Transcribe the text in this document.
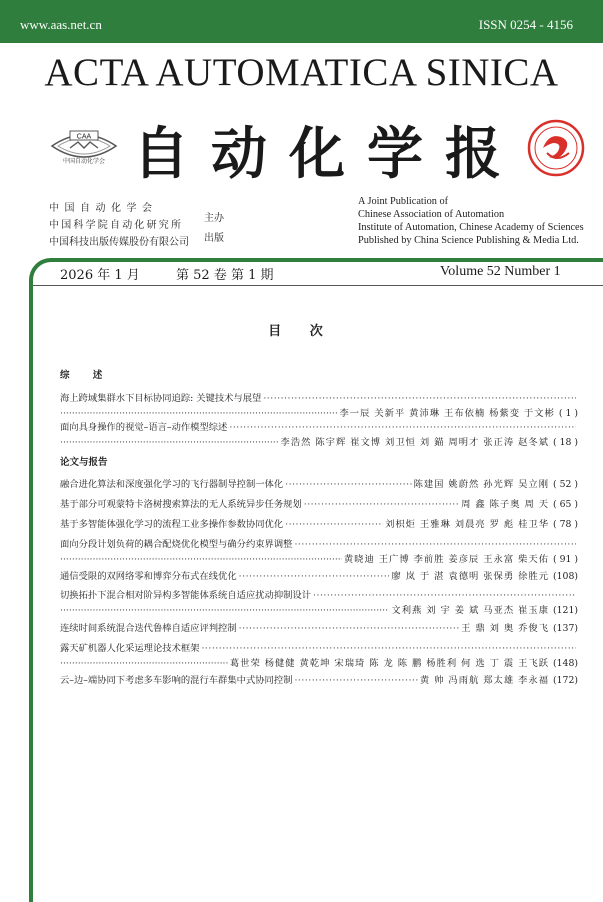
www.aas.net.cn	ISSN 0254 - 4156
ACTA AUTOMATICA SINICA
CAA
中国自动化学会 自动化学报
中国自动化学会
中国科学院自动化研究所
中国科技出版传媒股份有限公司
主办
出版
A Joint Publication of
Chinese Association of Automation
Institute of Automation, Chinese Academy of Sciences
Published by China Science Publishing & Media Ltd.
2026 年 1 月	第 52 卷 第 1 期	Volume 52 Number 1
目 次
综 述
海上跨域集群水下目标协同追踪: 关键技术与展望
·····
·····
李一辰 关新平 黄沛琳 王布依楠 杨紫变 于文彬 ( 1 )
面向具身操作的视觉–语言–动作模型综述
·····
·····
李浩然 陈宇辉 崔文博 刘卫恒 刘 錨 周明才 张正涛 赵冬斌 ( 18 )
论文与报告
融合进化算法和深度强化学习的飞行器制导控制一体化 ·····	陈建国 姚蔚然 孙光辉 吴立刚 ( 52 )
基于部分可观蒙特卡洛树搜索算法的无人系统异步任务规划 ·····	周 鑫 陈子奥 周 天 ( 65 )
基于多智能体强化学习的流程工业多操作参数协同优化 ·····	刘枳炬 王雅琳 刘晨亮 罗 彪 桂卫华 ( 78 )
面向分段计划负荷的耦合配烧优化模型与确分约束界调整
·····
·····
黄晓迪 王广博 李前胜 姜彦辰 王永富 柴天佑 ( 91 )
通信受限的双网络零和博弈分布式在线优化 ·····	廖 岚 于 湛 袁德明 张保勇 徐胜元 (108)
切换拓扑下混合相对阶异构多智能体系统自适应扰动抑制设计
·····
·····
文利燕 刘 宇 姜 斌 马亚杰 崔玉康 (121)
连续时间系统混合迭代鲁棒自适应评判控制 ·····	王 鼎 刘 奥 乔俊飞 (137)
露天矿机器人化采运理论技术框架
·····
·····
葛世荣 杨健健 黄乾坤 宋瑞琦 陈 龙 陈 鹏 杨胜利 何 选 丁 震 王飞跃 (148)
云–边–端协同下考虑多车影响的混行车群集中式协同控制 ·····	黄 帅 冯雨航 郑太雄 李永福 (172)
